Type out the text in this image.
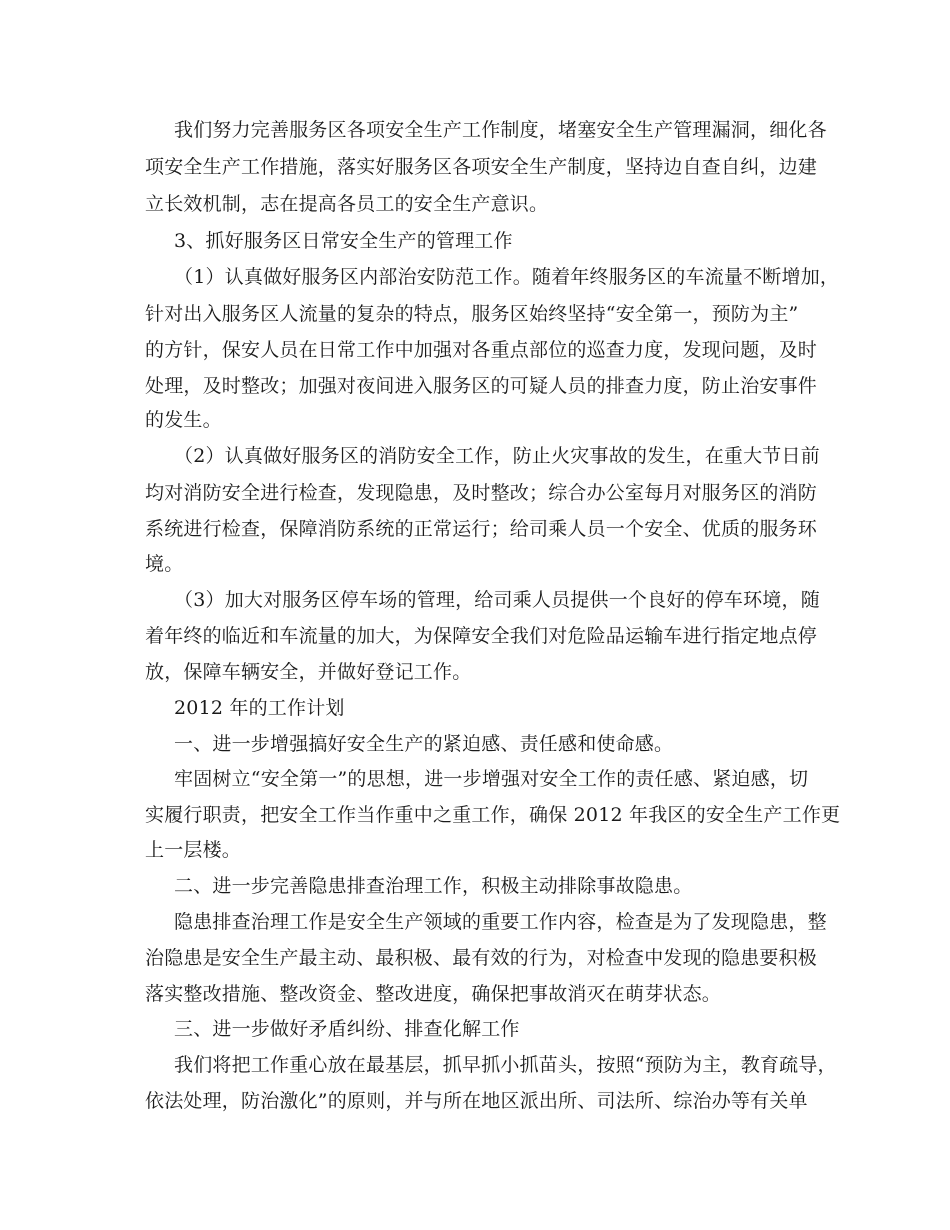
我们努力完善服务区各项安全生产工作制度，堵塞安全生产管理漏洞，细化各
项安全生产工作措施，落实好服务区各项安全生产制度，坚持边自查自纠，边建
立长效机制，志在提高各员工的安全生产意识。
3、抓好服务区日常安全生产的管理工作
（1）认真做好服务区内部治安防范工作。随着年终服务区的车流量不断增加，
针对出入服务区人流量的复杂的特点，服务区始终坚持“安全第一，预防为主”
的方针，保安人员在日常工作中加强对各重点部位的巡查力度，发现问题，及时
处理，及时整改；加强对夜间进入服务区的可疑人员的排查力度，防止治安事件
的发生。
（2）认真做好服务区的消防安全工作，防止火灾事故的发生，在重大节日前
均对消防安全进行检查，发现隐患，及时整改；综合办公室每月对服务区的消防
系统进行检查，保障消防系统的正常运行；给司乘人员一个安全、优质的服务环
境。
（3）加大对服务区停车场的管理，给司乘人员提供一个良好的停车环境，随
着年终的临近和车流量的加大，为保障安全我们对危险品运输车进行指定地点停
放，保障车辆安全，并做好登记工作。
2012 年的工作计划
一、进一步增强搞好安全生产的紧迫感、责任感和使命感。
牢固树立“安全第一”的思想，进一步增强对安全工作的责任感、紧迫感，切
实履行职责，把安全工作当作重中之重工作，确保 2012 年我区的安全生产工作更
上一层楼。
二、进一步完善隐患排查治理工作，积极主动排除事故隐患。
隐患排查治理工作是安全生产领域的重要工作内容，检查是为了发现隐患，整
治隐患是安全生产最主动、最积极、最有效的行为，对检查中发现的隐患要积极
落实整改措施、整改资金、整改进度，确保把事故消灭在萌芽状态。
三、进一步做好矛盾纠纷、排查化解工作
我们将把工作重心放在最基层，抓早抓小抓苗头，按照“预防为主，教育疏导，
依法处理，防治激化”的原则，并与所在地区派出所、司法所、综治办等有关单
